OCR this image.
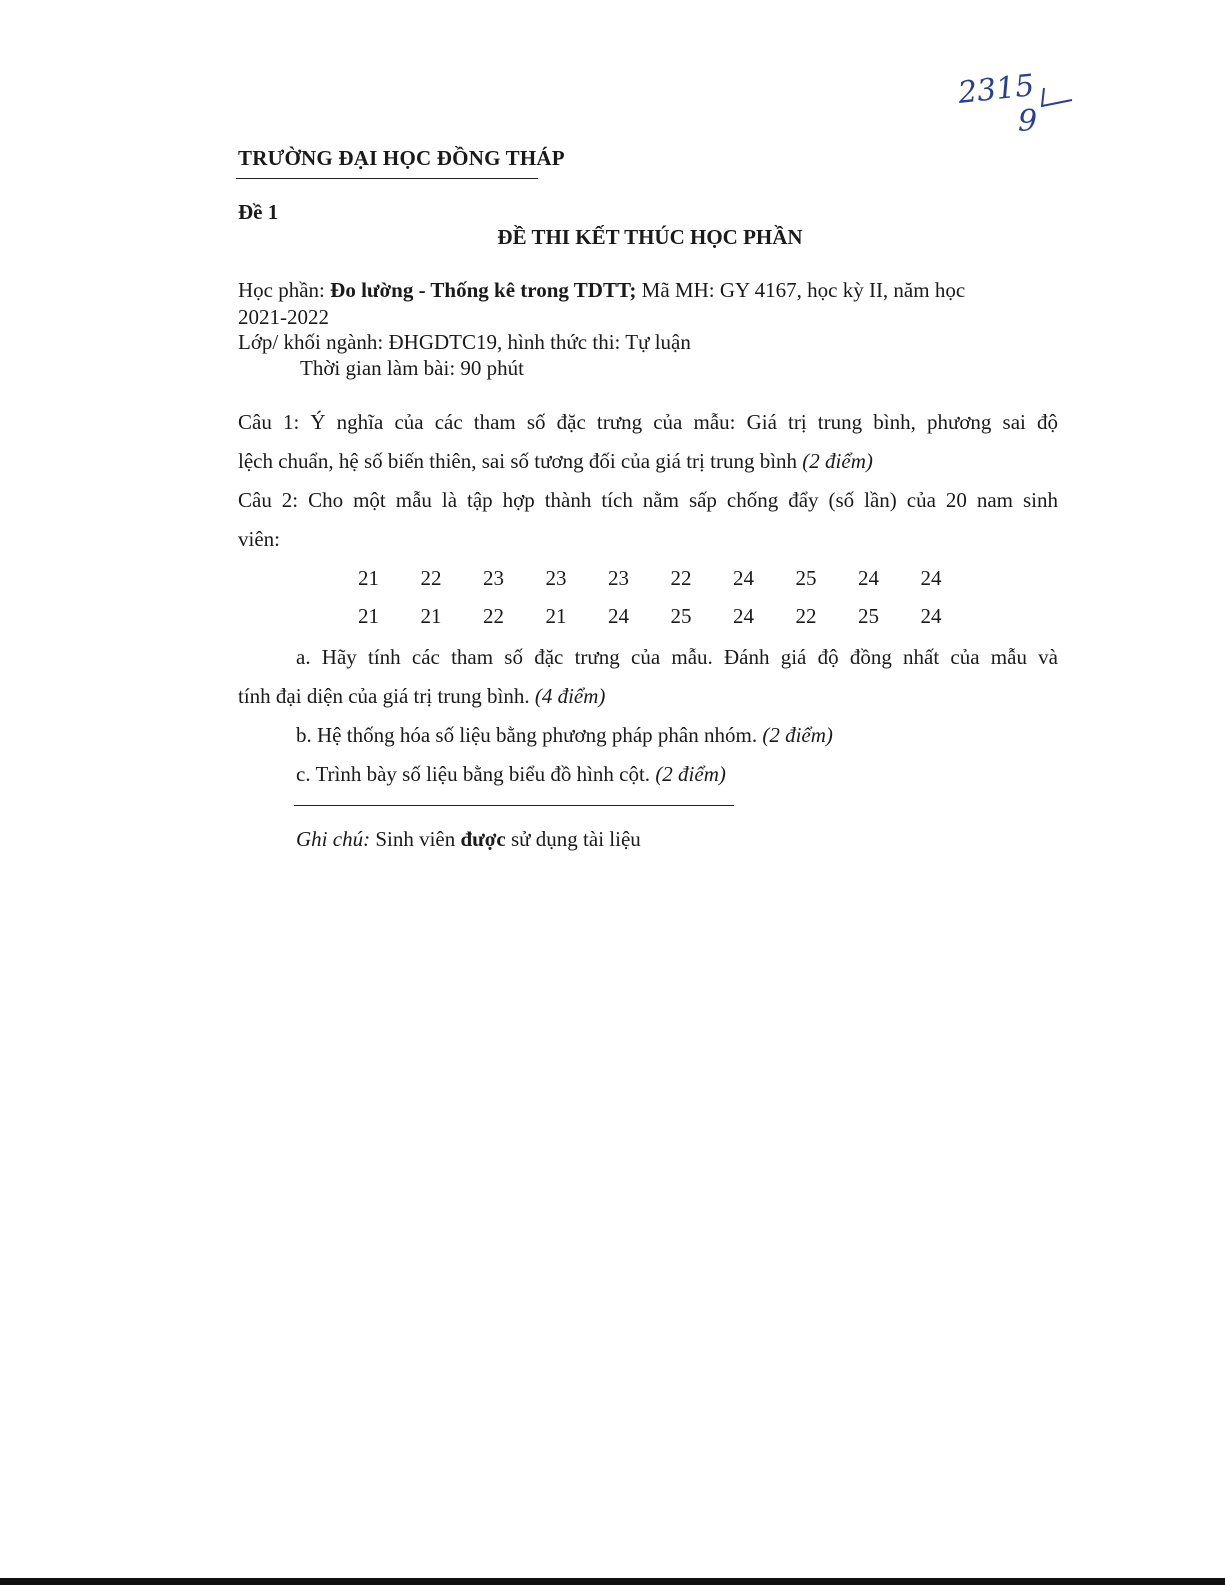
2315
9
TRƯỜNG ĐẠI HỌC ĐỒNG THÁP
Đề 1
ĐỀ THI KẾT THÚC HỌC PHẦN
Học phần: Đo lường - Thống kê trong TDTT; Mã MH: GY 4167, học kỳ II, năm học
2021-2022
Lớp/ khối ngành: ĐHGDTC19, hình thức thi: Tự luận
Thời gian làm bài: 90 phút
Câu 1: Ý nghĩa của các tham số đặc trưng của mẫu: Giá trị trung bình, phương sai độ
lệch chuẩn, hệ số biến thiên, sai số tương đối của giá trị trung bình (2 điểm)
Câu 2: Cho một mẫu là tập hợp thành tích nằm sấp chống đẩy (số lần) của 20 nam sinh
viên:
21	22	23	23	23	22	24	25	24	24
21	21	22	21	24	25	24	22	25	24
a. Hãy tính các tham số đặc trưng của mẫu. Đánh giá độ đồng nhất của mẫu và
tính đại diện của giá trị trung bình. (4 điểm)
b. Hệ thống hóa số liệu bằng phương pháp phân nhóm. (2 điểm)
c. Trình bày số liệu bằng biểu đồ hình cột. (2 điểm)
Ghi chú: Sinh viên được sử dụng tài liệu
